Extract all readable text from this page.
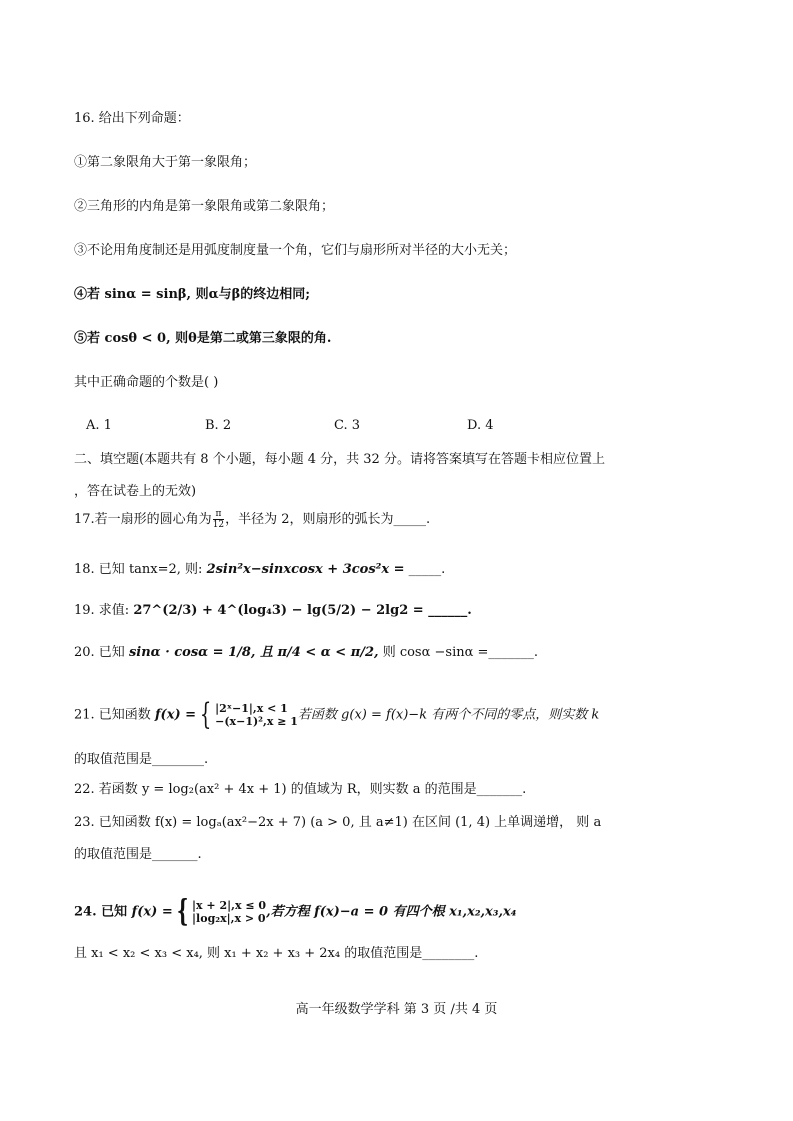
16. 给出下列命题：
①第二象限角大于第一象限角；
②三角形的内角是第一象限角或第二象限角；
③不论用角度制还是用弧度制度量一个角，它们与扇形所对半径的大小无关；
④若 sinα = sinβ, 则α与β的终边相同;
⑤若 cosθ < 0, 则θ是第二或第三象限的角.
其中正确命题的个数是( )
A. 1	B. 2	C. 3	D. 4
二、填空题(本题共有 8 个小题，每小题 4 分，共 32 分。请将答案填写在答题卡相应位置上
，答在试卷上的无效)
17.若一扇形的圆心角为 $\frac{\pi}{12}$ ，半径为 2，则扇形的弧长为_____.
18. 已知 tanx=2, 则: 2sin²x−sinxcosx + 3cos²x = _____.
19. 求值: 27^(2/3) + 4^(log₄3) − lg(5/2) − 2lg2 = ______.
20. 已知 sinα · cosα = 1/8, 且 π/4 < α < π/2, 则 cosα −sinα =_______.
21. 已知函数 f(x) = { |2ˣ−1|,x < 1
−(x−1)²,x ≥ 1 若函数 g(x) = f(x)−k 有两个不同的零点，则实数 k
的取值范围是________.
22. 若函数 y = log₂(ax² + 4x + 1) 的值域为 R，则实数 a 的范围是_______.
23. 已知函数 f(x) = logₐ(ax²−2x + 7) (a > 0, 且 a≠1) 在区间 (1, 4) 上单调递增， 则 a
的取值范围是_______.
24. 已知 f(x) = { |x + 2|,x ≤ 0
|log₂x|,x > 0 ,若方程 f(x)−a = 0 有四个根 x₁,x₂,x₃,x₄
且 x₁ < x₂ < x₃ < x₄, 则 x₁ + x₂ + x₃ + 2x₄ 的取值范围是________.
高一年级数学学科 第 3 页 /共 4 页
